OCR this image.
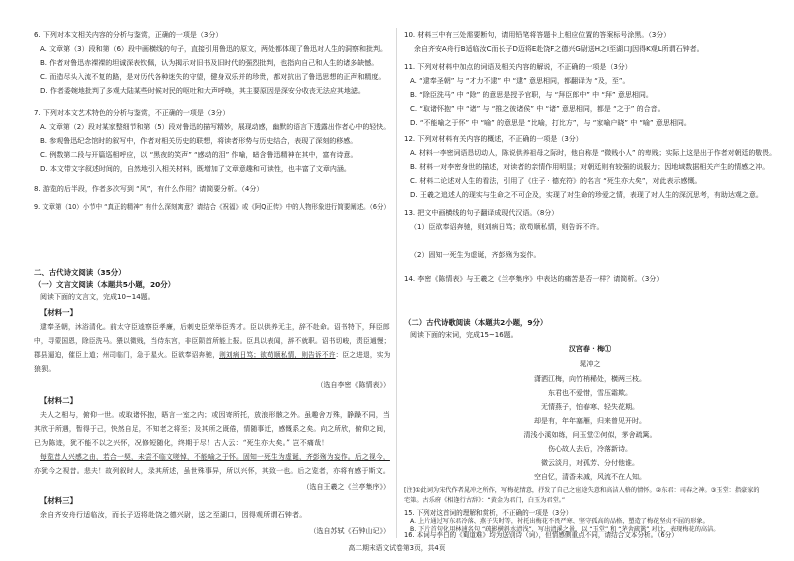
6. 下列对本文相关内容的分析与鉴赏，正确的一项是（3分）
A. 文章第（3）段和第（6）段中画横线的句子，直接引用鲁迅的原文，两处都体现了鲁迅对人生的洞察和批判。
B. 作者对鲁迅赤裸裸的坦诚深表钦佩，认为揭示对旧书及旧时代的强烈批判，也指向自己和人生的诸多缺憾。
C. 而造尽头入流不复的路，是对历代各种迷失的守望，健身双乐并的珍贵，都对抗出了鲁迅思想的正声和精度。
D. 作者委婉地批判了多观大陆某些时候对民的呕吐和大声呼唤，其主要原因是深安分收丧无法应其地滤。
7. 下列对本文艺术特色的分析与鉴赏，不正确的一项是（3分）
A. 文章第（2）段对某家整细节和第（5）段对鲁迅的描写精妙，展现动感，幽默的语言下透露出作者心中的轻快。
B. 参观鲁迅纪念馆时的叙写中，作者对相关历史的联想，将读者形势与历史结合，表现了深刻的移感。
C. 例数第二段与开篇巡相呼应，以 “黑夜的笑声” “感动的泪” 作喻，暗含鲁迅精神在其中，富有诗意。
D. 本文带文字叙述时间的，自然地引入相关材料，既增加了文章意趣和可读性，也丰富了文章内涵。
8. 游览的后半段，作者多次写到 “风”，有什么作用？请简要分析。（4分）
9. 文章第（10）小节中 “真正的精神” 有什么深刻寓意？请结合《祝福》或《阿Q正传》中的人物形象进行简要阐述。（6分）
二、古代诗文阅读（35分）
（一）文言文阅读（本题共5小题，20分）
阅读下面的文言文，完成10~14题。
【材料一】
逮奉圣朝，沐浴清化。前太守臣逵察臣孝廉，后刺史臣荣举臣秀才。臣以供养无主，辞不赴命。诏书特下，拜臣郎
中，寻蒙国恩，除臣洗马。猥以微贱，当侍东宫，非臣陨首所能上报。臣具以表闻，辞不就职。诏书切峻，责臣逋慢；
郡县逼迫，催臣上道；州司临门，急于星火。臣欲奉诏奔驰，则刘病日笃；欲苟顺私情，则告诉不许：臣之进退，实为
狼狈。
（选自李密《陈情表》）
【材料二】
夫人之相与，俯仰一世。或取诸怀抱，晤言一室之内；或因寄所托，放浪形骸之外。虽趣舍万殊，静躁不同，当
其欣于所遇，暂得于己，快然自足，不知老之将至；及其所之既倦，情随事迁，感慨系之矣。向之所欣，俯仰之间，
已为陈迹，犹不能不以之兴怀，况修短随化，终期于尽！古人云：“死生亦大矣。” 岂不痛哉！
每览昔人兴感之由，若合一契，未尝不临文嗟悼，不能喻之于怀。固知一死生为虚诞，齐彭殇为妄作。后之视今，
亦犹今之视昔。悲夫！故列叙时人，录其所述，虽世殊事异，所以兴怀，其致一也。后之览者，亦将有感于斯文。
（选自王羲之《兰亭集序》）
【材料三】
余自齐安舟行适临汝，而长子迈将赴饶之德兴尉，送之至湖口，因得观所谓石钟者。
（选自苏轼《石钟山记》）
10. 材料三中有三处需要断句，请用铅笔将答题卡上相应位置的答案标号涂黑。（3分）
余自齐安A舟行B适临汝C而长子D迈将E赴饶F之德兴G尉送H之I至湖口J因得K观L所谓石钟者。
11. 下列对材料中加点的词语及相关内容的解说，不正确的一项是（3分）
A. “逮奉圣朝” 与 “才力不逮” 中 “逮” 意思相同，都翻译为 “及，至”。
B. “除臣洗马” 中 “除” 的意思是授予官职，与 “拜臣郎中” 中 “拜” 意思相同。
C. “取诸怀抱” 中 “诸” 与 “推之彼诸侯” 中 “诸” 意思相同，都是 “之于” 的合音。
D. “不能喻之于怀” 中 “喻” 的意思是 “比喻，打比方”，与 “家喻户晓” 中 “喻” 意思相同。
12. 下列对材料有关内容的概述，不正确的一项是（3分）
A. 材料一李密词语恳切动人，陈说供养祖母之际时，他自称是 “微贱小人” 的卑贱；实际上这是出于作者对朝廷的敬畏。
B. 材料一对李密身世的描述，对读者的亲情作用明显；对朝廷则有较强的说服力；因地域数据相关产生的情感之冲。
C. 材料二论述对人生的看法，引用了《庄子 · 德充符》的名言 “死生亦大矣”，对此表示感慨。
D. 王羲之追述人的现实与生命之不可企及，实现了对生命的珍爱之情，表现了对人生的深沉思考，有助达观之意。
13. 把文中画横线的句子翻译成现代汉语。（8分）
（1）臣欲奉诏奔驰，则刘病日笃；欲苟顺私情，则告诉不许。
（2）固知一死生为虚诞，齐彭殇为妄作。
14. 李密《陈情表》与王羲之《兰亭集序》中表达的痛苦是否一样？请简析。（3分）
（二）古代诗歌阅读（本题共2小题，9分）
阅读下面的宋词，完成15~16题。
汉宫春 · 梅①
晁冲之
潇洒江梅，向竹梢稀处，横两三枝。
东君也不爱惜，雪压霜欺。
无情燕子，怕春寒、轻失花期。
却是有，年年塞雁，归来曾见开时。
清浅小溪如练，问玉堂②何似，茅舍疏篱。
伤心故人去后，冷落新诗。
微云淡月，对孤芳、分付他谁。
空自忆，清香未减，风流不在人知。
[注]①此词为宋代作者晁冲之所作，写梅花情意，抒发了自己之宦途失意和高洁人格的情怀。②东君：司春之神。③玉堂：指豪家的
宅第。古乐府《相逢行古辞》：“黄金为君门，白玉为君堂。”
15. 下列对这首词的理解和赏析，不正确的一项是（3分）
A. 上片通过写东君冷落、燕子失时等，衬托出梅花不畏严寒、坚守孤高的品格，塑造了梅花坚贞不屈的形象。
B. 下片首句化用林逋名句 “疏影横斜水清浅”，写出清溪之景，以 “玉堂” 和 “茅舍疏篱” 对比，表现梅花的高洁。
16. 本词与李白的《蜀道难》均为送别诗（词），但情感侧重点不同，请结合文本分析。（6分）
高二期末语文试卷第3页，共4页
